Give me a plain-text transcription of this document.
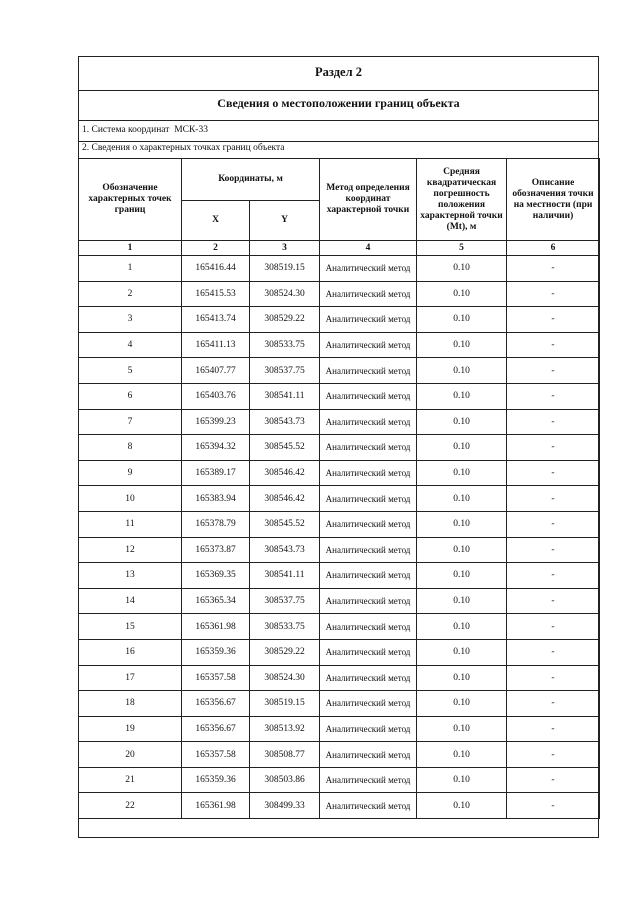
Раздел 2
Сведения о местоположении границ объекта
1. Система координат МСК-33
2. Сведения о характерных точках границ объекта
Обозначение характерных точек границ	Координаты, м		Метод определения координат характерной точки	Средняя квадратическая погрешность положения характерной точки (Mt), м	Описание обозначения точки на местности (при наличии)
	X	Y			
1	2	3	4	5	6
1	165416.44	308519.15	Аналитический метод	0.10	-
2	165415.53	308524.30	Аналитический метод	0.10	-
3	165413.74	308529.22	Аналитический метод	0.10	-
4	165411.13	308533.75	Аналитический метод	0.10	-
5	165407.77	308537.75	Аналитический метод	0.10	-
6	165403.76	308541.11	Аналитический метод	0.10	-
7	165399.23	308543.73	Аналитический метод	0.10	-
8	165394.32	308545.52	Аналитический метод	0.10	-
9	165389.17	308546.42	Аналитический метод	0.10	-
10	165383.94	308546.42	Аналитический метод	0.10	-
11	165378.79	308545.52	Аналитический метод	0.10	-
12	165373.87	308543.73	Аналитический метод	0.10	-
13	165369.35	308541.11	Аналитический метод	0.10	-
14	165365.34	308537.75	Аналитический метод	0.10	-
15	165361.98	308533.75	Аналитический метод	0.10	-
16	165359.36	308529.22	Аналитический метод	0.10	-
17	165357.58	308524.30	Аналитический метод	0.10	-
18	165356.67	308519.15	Аналитический метод	0.10	-
19	165356.67	308513.92	Аналитический метод	0.10	-
20	165357.58	308508.77	Аналитический метод	0.10	-
21	165359.36	308503.86	Аналитический метод	0.10	-
22	165361.98	308499.33	Аналитический метод	0.10	-
